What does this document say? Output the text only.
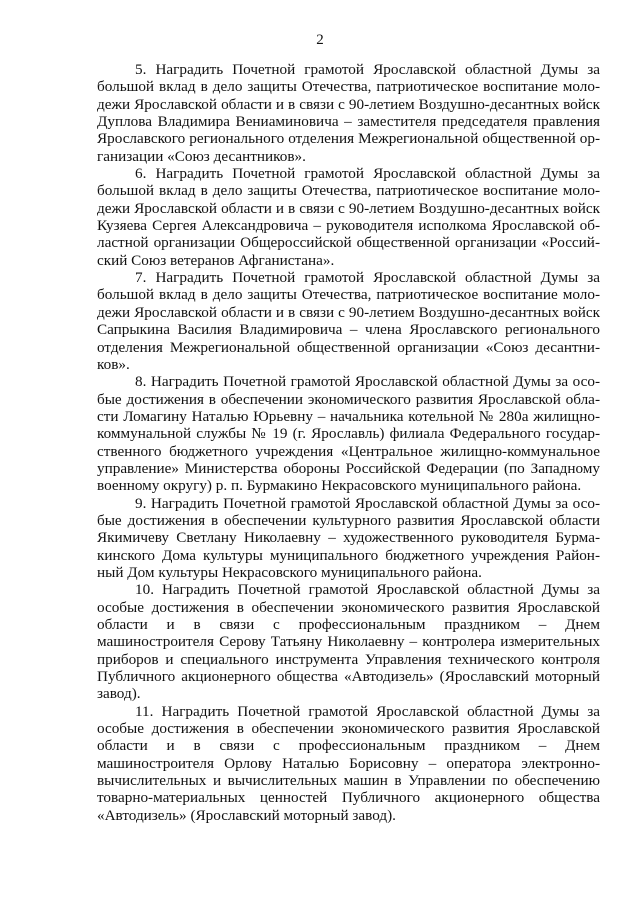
2

5. Наградить Почетной грамотой Ярославской областной Думы за большой вклад в дело защиты Отечества, патриотическое воспитание молодежи Ярославской области и в связи с 90-летием Воздушно-десантных войск Дуплова Владимира Вениаминовича – заместителя председателя правления Ярославского регионального отделения Межрегиональной общественной организации «Союз десантников».

6. Наградить Почетной грамотой Ярославской областной Думы за большой вклад в дело защиты Отечества, патриотическое воспитание молодежи Ярославской области и в связи с 90-летием Воздушно-десантных войск Кузяева Сергея Александровича – руководителя исполкома Ярославской областной организации Общероссийской общественной организации «Российский Союз ветеранов Афганистана».

7. Наградить Почетной грамотой Ярославской областной Думы за большой вклад в дело защиты Отечества, патриотическое воспитание молодежи Ярославской области и в связи с 90-летием Воздушно-десантных войск Сапрыкина Василия Владимировича – члена Ярославского регионального отделения Межрегиональной общественной организации «Союз десантников».

8. Наградить Почетной грамотой Ярославской областной Думы за особые достижения в обеспечении экономического развития Ярославской области Ломагину Наталью Юрьевну – начальника котельной № 280а жилищно-коммунальной службы № 19 (г. Ярославль) филиала Федерального государственного бюджетного учреждения «Центральное жилищно-коммунальное управление» Министерства обороны Российской Федерации (по Западному военному округу) р. п. Бурмакино Некрасовского муниципального района.

9. Наградить Почетной грамотой Ярославской областной Думы за особые достижения в обеспечении культурного развития Ярославской области Якимичеву Светлану Николаевну – художественного руководителя Бурмакинского Дома культуры муниципального бюджетного учреждения Районный Дом культуры Некрасовского муниципального района.

10. Наградить Почетной грамотой Ярославской областной Думы за особые достижения в обеспечении экономического развития Ярославской области и в связи с профессиональным праздником – Днем машиностроителя Серову Татьяну Николаевну – контролера измерительных приборов и специального инструмента Управления технического контроля Публичного акционерного общества «Автодизель» (Ярославский моторный завод).

11. Наградить Почетной грамотой Ярославской областной Думы за особые достижения в обеспечении экономического развития Ярославской области и в связи с профессиональным праздником – Днем машиностроителя Орлову Наталью Борисовну – оператора электронно-вычислительных и вычислительных машин в Управлении по обеспечению товарно-материальных ценностей Публичного акционерного общества «Автодизель» (Ярославский моторный завод).
